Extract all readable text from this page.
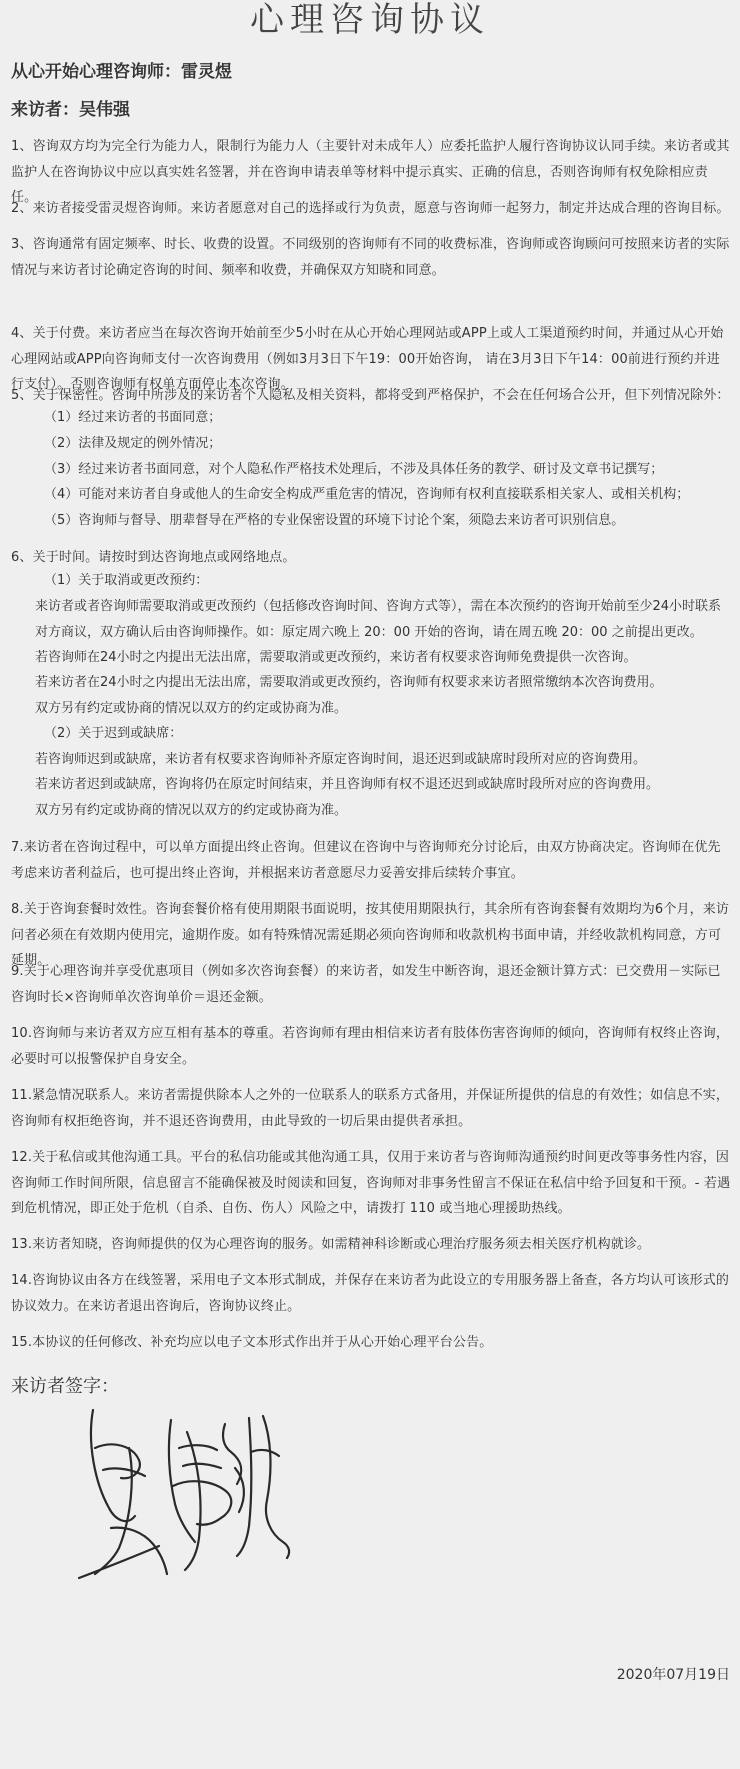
心理咨询协议
从心开始心理咨询师：雷灵煜
来访者：吴伟强
1、咨询双方均为完全行为能力人，限制行为能力人（主要针对未成年人）应委托监护人履行咨询协议认同手续。来访者或其监护人在咨询协议中应以真实姓名签署，并在咨询申请表单等材料中提示真实、正确的信息，否则咨询师有权免除相应责任。
2、来访者接受雷灵煜咨询师。来访者愿意对自己的选择或行为负责，愿意与咨询师一起努力，制定并达成合理的咨询目标。
3、咨询通常有固定频率、时长、收费的设置。不同级别的咨询师有不同的收费标准，咨询师或咨询顾问可按照来访者的实际情况与来访者讨论确定咨询的时间、频率和收费，并确保双方知晓和同意。
4、关于付费。来访者应当在每次咨询开始前至少5小时在从心开始心理网站或APP上或人工渠道预约时间，并通过从心开始心理网站或APP向咨询师支付一次咨询费用（例如3月3日下午19：00开始咨询， 请在3月3日下午14：00前进行预约并进行支付）。否则咨询师有权单方面停止本次咨询。
5、关于保密性。咨询中所涉及的来访者个人隐私及相关资料，都将受到严格保护，不会在任何场合公开，但下列情况除外：
（1）经过来访者的书面同意；
（2）法律及规定的例外情况；
（3）经过来访者书面同意，对个人隐私作严格技术处理后，不涉及具体任务的教学、研讨及文章书记撰写；
（4）可能对来访者自身或他人的生命安全构成严重危害的情况，咨询师有权利直接联系相关家人、或相关机构；
（5）咨询师与督导、朋辈督导在严格的专业保密设置的环境下讨论个案，须隐去来访者可识别信息。
6、关于时间。请按时到达咨询地点或网络地点。
（1）关于取消或更改预约：
来访者或者咨询师需要取消或更改预约（包括修改咨询时间、咨询方式等），需在本次预约的咨询开始前至少24小时联系对方商议，双方确认后由咨询师操作。如：原定周六晚上 20：00 开始的咨询，请在周五晚 20：00 之前提出更改。
若咨询师在24小时之内提出无法出席，需要取消或更改预约，来访者有权要求咨询师免费提供一次咨询。
若来访者在24小时之内提出无法出席，需要取消或更改预约，咨询师有权要求来访者照常缴纳本次咨询费用。
双方另有约定或协商的情况以双方的约定或协商为准。
（2）关于迟到或缺席：
若咨询师迟到或缺席，来访者有权要求咨询师补齐原定咨询时间，退还迟到或缺席时段所对应的咨询费用。
若来访者迟到或缺席，咨询将仍在原定时间结束，并且咨询师有权不退还迟到或缺席时段所对应的咨询费用。
双方另有约定或协商的情况以双方的约定或协商为准。
7.来访者在咨询过程中，可以单方面提出终止咨询。但建议在咨询中与咨询师充分讨论后，由双方协商决定。咨询师在优先考虑来访者利益后，也可提出终止咨询，并根据来访者意愿尽力妥善安排后续转介事宜。
8.关于咨询套餐时效性。咨询套餐价格有使用期限书面说明，按其使用期限执行，其余所有咨询套餐有效期均为6个月，来访问者必须在有效期内使用完，逾期作废。如有特殊情况需延期必须向咨询师和收款机构书面申请，并经收款机构同意，方可延期。
9.关于心理咨询并享受优惠项目（例如多次咨询套餐）的来访者，如发生中断咨询，退还金额计算方式：已交费用－实际已咨询时长×咨询师单次咨询单价＝退还金额。
10.咨询师与来访者双方应互相有基本的尊重。若咨询师有理由相信来访者有肢体伤害咨询师的倾向，咨询师有权终止咨询， 必要时可以报警保护自身安全。
11.紧急情况联系人。来访者需提供除本人之外的一位联系人的联系方式备用，并保证所提供的信息的有效性；如信息不实，咨询师有权拒绝咨询，并不退还咨询费用，由此导致的一切后果由提供者承担。
12.关于私信或其他沟通工具。平台的私信功能或其他沟通工具，仅用于来访者与咨询师沟通预约时间更改等事务性内容，因咨询师工作时间所限，信息留言不能确保被及时阅读和回复，咨询师对非事务性留言不保证在私信中给予回复和干预。- 若遇到危机情况，即正处于危机（自杀、自伤、伤人）风险之中，请拨打 110 或当地心理援助热线。
13.来访者知晓，咨询师提供的仅为心理咨询的服务。如需精神科诊断或心理治疗服务须去相关医疗机构就诊。
14.咨询协议由各方在线签署，采用电子文本形式制成，并保存在来访者为此设立的专用服务器上备查，各方均认可该形式的协议效力。在来访者退出咨询后，咨询协议终止。
15.本协议的任何修改、补充均应以电子文本形式作出并于从心开始心理平台公告。
来访者签字：
2020年07月19日
